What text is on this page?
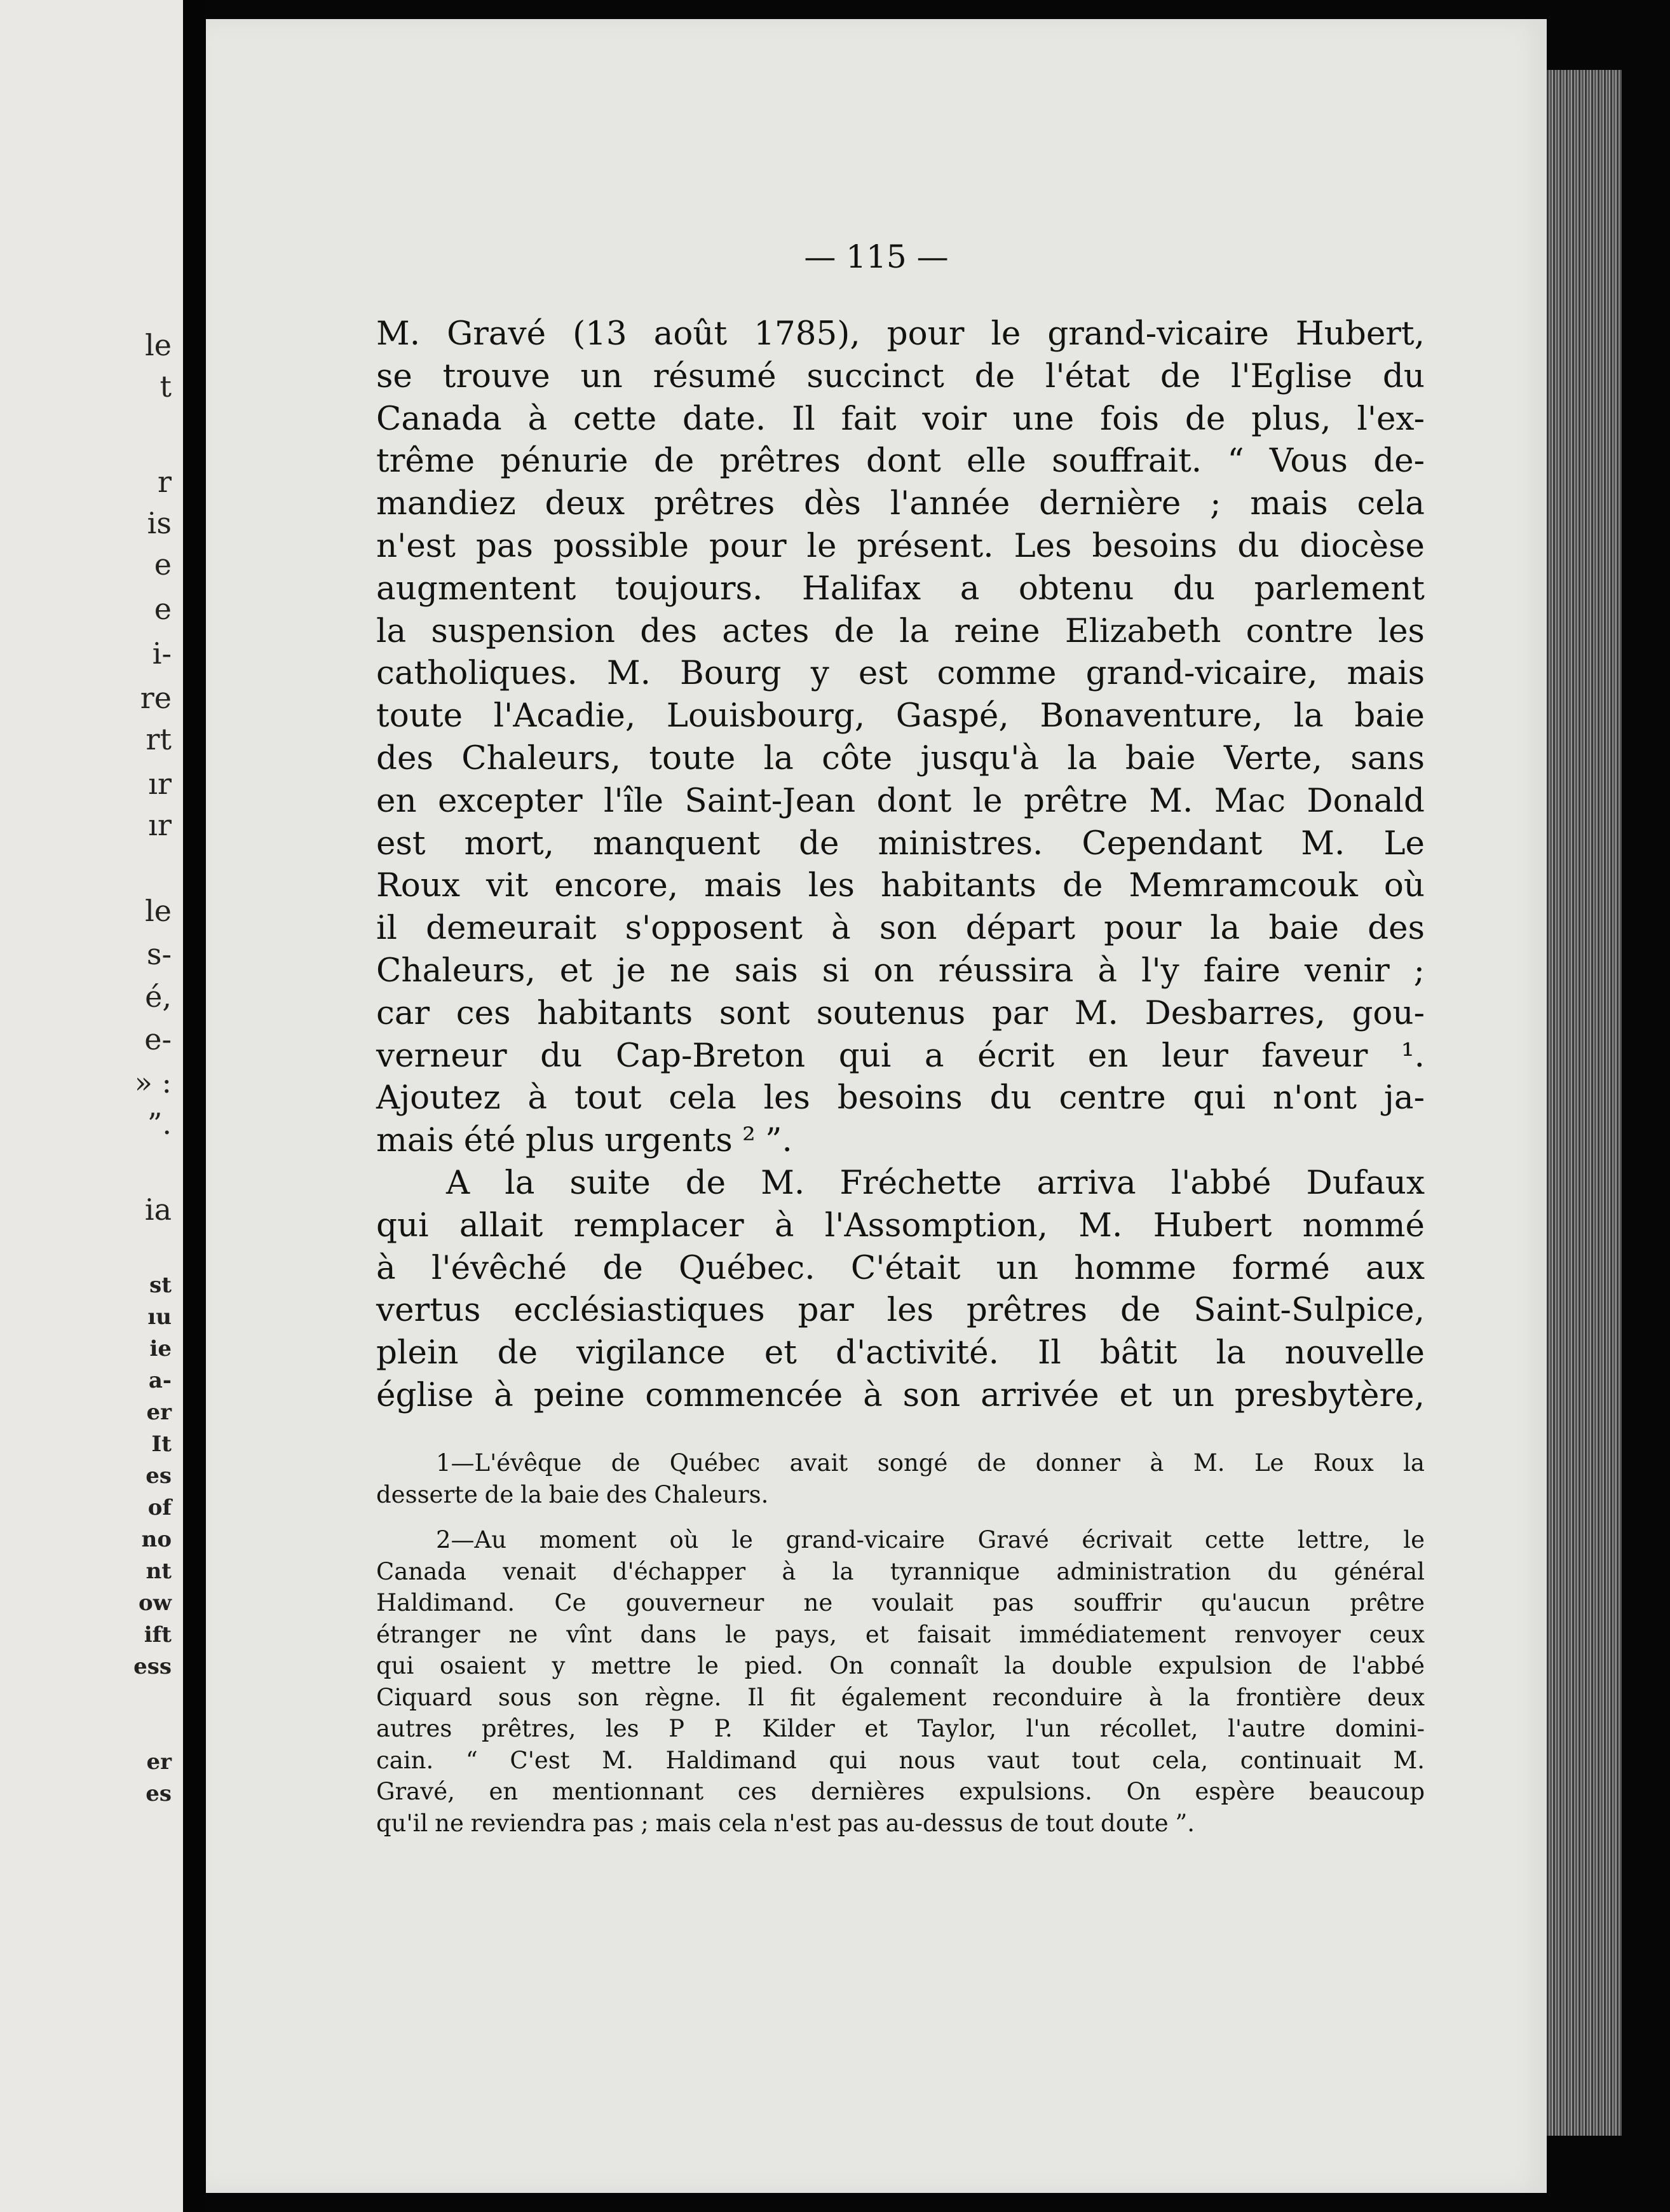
le
t
r
is
e
e
i-
re
rt
ır
ır
le
s-
é,
e-
» :
”.
ia
st
ıu
ie
a-
er
It
es
of
no
nt
ow
ift
ess
er
es
— 115 —
M. Gravé (13 août 1785), pour le grand-vicaire Hubert,
se trouve un résumé succinct de l'état de l'Eglise du
Canada à cette date. Il fait voir une fois de plus, l'ex-
trême pénurie de prêtres dont elle souffrait. “ Vous de-
mandiez deux prêtres dès l'année dernière ; mais cela
n'est pas possible pour le présent. Les besoins du diocèse
augmentent toujours. Halifax a obtenu du parlement
la suspension des actes de la reine Elizabeth contre les
catholiques. M. Bourg y est comme grand-vicaire, mais
toute l'Acadie, Louisbourg, Gaspé, Bonaventure, la baie
des Chaleurs, toute la côte jusqu'à la baie Verte, sans
en excepter l'île Saint-Jean dont le prêtre M. Mac Donald
est mort, manquent de ministres. Cependant M. Le
Roux vit encore, mais les habitants de Memramcouk où
il demeurait s'opposent à son départ pour la baie des
Chaleurs, et je ne sais si on réussira à l'y faire venir ;
car ces habitants sont soutenus par M. Desbarres, gou-
verneur du Cap-Breton qui a écrit en leur faveur ¹.
Ajoutez à tout cela les besoins du centre qui n'ont ja-
mais été plus urgents ² ”.
A la suite de M. Fréchette arriva l'abbé Dufaux
qui allait remplacer à l'Assomption, M. Hubert nommé
à l'évêché de Québec. C'était un homme formé aux
vertus ecclésiastiques par les prêtres de Saint-Sulpice,
plein de vigilance et d'activité. Il bâtit la nouvelle
église à peine commencée à son arrivée et un presbytère,
1—L'évêque de Québec avait songé de donner à M. Le Roux la
desserte de la baie des Chaleurs.
2—Au moment où le grand-vicaire Gravé écrivait cette lettre, le
Canada venait d'échapper à la tyrannique administration du général
Haldimand. Ce gouverneur ne voulait pas souffrir qu'aucun prêtre
étranger ne vînt dans le pays, et faisait immédiatement renvoyer ceux
qui osaient y mettre le pied. On connaît la double expulsion de l'abbé
Ciquard sous son règne. Il fit également reconduire à la frontière deux
autres prêtres, les P P. Kilder et Taylor, l'un récollet, l'autre domini-
cain. “ C'est M. Haldimand qui nous vaut tout cela, continuait M.
Gravé, en mentionnant ces dernières expulsions. On espère beaucoup
qu'il ne reviendra pas ; mais cela n'est pas au-dessus de tout doute ”.
